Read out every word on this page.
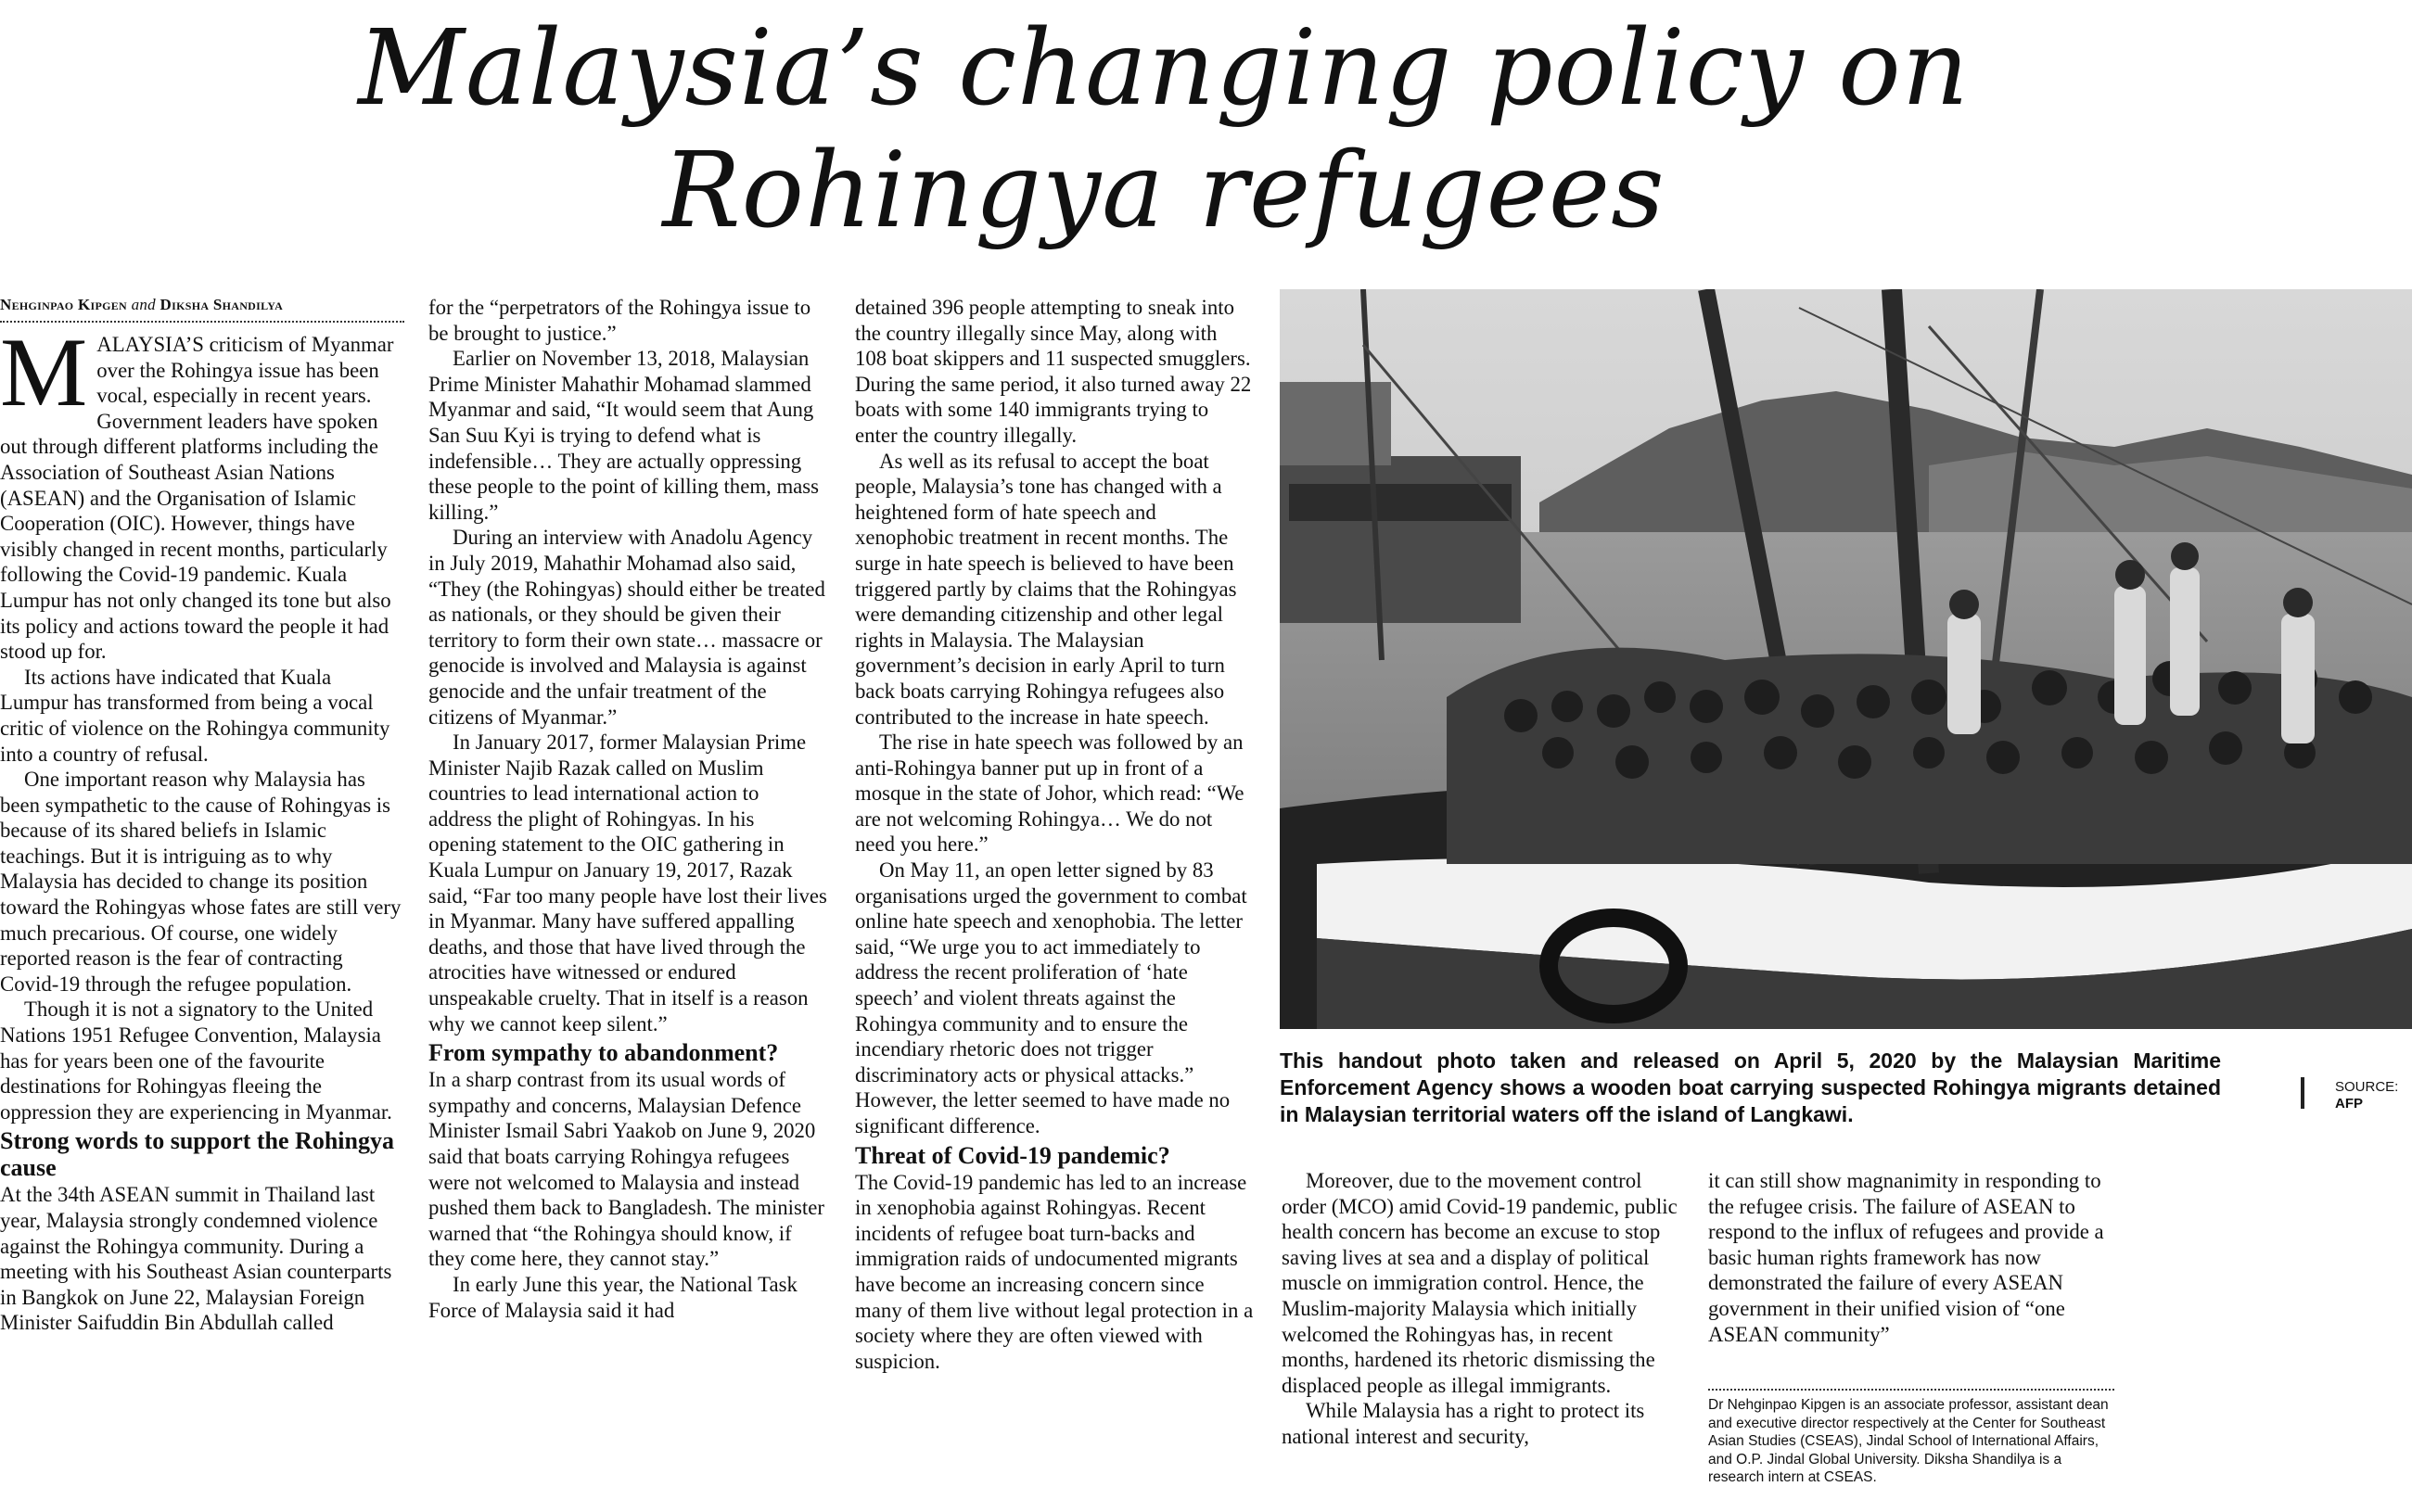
Malaysia’s changing policy on
Rohingya refugees
Nehginpao Kipgen and Diksha Shandilya

M ALAYSIA’S criticism of Myanmar over the Rohingya issue has been vocal, especially in recent years. Government leaders have spoken out through different platforms including the Association of Southeast Asian Nations (ASEAN) and the Organisation of Islamic Cooperation (OIC). However, things have visibly changed in recent months, particularly following the Covid-19 pandemic. Kuala Lumpur has not only changed its tone but also its policy and actions toward the people it had stood up for.

Its actions have indicated that Kuala Lumpur has transformed from being a vocal critic of violence on the Rohingya community into a country of refusal.

One important reason why Malaysia has been sympathetic to the cause of Rohingyas is because of its shared beliefs in Islamic teachings. But it is intriguing as to why Malaysia has decided to change its position toward the Rohingyas whose fates are still very much precarious. Of course, one widely reported reason is the fear of contracting Covid-19 through the refugee population.

Though it is not a signatory to the United Nations 1951 Refugee Convention, Malaysia has for years been one of the favourite destinations for Rohingyas fleeing the oppression they are experiencing in Myanmar.

Strong words to support the Rohingya cause

At the 34th ASEAN summit in Thailand last year, Malaysia strongly condemned violence against the Rohingya community. During a meeting with his Southeast Asian counterparts in Bangkok on June 22, Malaysian Foreign Minister Saifuddin Bin Abdullah called

for the “perpetrators of the Rohingya issue to be brought to justice.”

Earlier on November 13, 2018, Malaysian Prime Minister Mahathir Mohamad slammed Myanmar and said, “It would seem that Aung San Suu Kyi is trying to defend what is indefensible… They are actually oppressing these people to the point of killing them, mass killing.”

During an interview with Anadolu Agency in July 2019, Mahathir Mohamad also said, “They (the Rohingyas) should either be treated as nationals, or they should be given their territory to form their own state… massacre or genocide is involved and Malaysia is against genocide and the unfair treatment of the citizens of Myanmar.”

In January 2017, former Malaysian Prime Minister Najib Razak called on Muslim countries to lead international action to address the plight of Rohingyas. In his opening statement to the OIC gathering in Kuala Lumpur on January 19, 2017, Razak said, “Far too many people have lost their lives in Myanmar. Many have suffered appalling deaths, and those that have lived through the atrocities have witnessed or endured unspeakable cruelty. That in itself is a reason why we cannot keep silent.”

From sympathy to abandonment?

In a sharp contrast from its usual words of sympathy and concerns, Malaysian Defence Minister Ismail Sabri Yaakob on June 9, 2020 said that boats carrying Rohingya refugees were not welcomed to Malaysia and instead pushed them back to Bangladesh. The minister warned that “the Rohingya should know, if they come here, they cannot stay.”

In early June this year, the National Task Force of Malaysia said it had

detained 396 people attempting to sneak into the country illegally since May, along with 108 boat skippers and 11 suspected smugglers. During the same period, it also turned away 22 boats with some 140 immigrants trying to enter the country illegally.

As well as its refusal to accept the boat people, Malaysia’s tone has changed with a heightened form of hate speech and xenophobic treatment in recent months. The surge in hate speech is believed to have been triggered partly by claims that the Rohingyas were demanding citizenship and other legal rights in Malaysia. The Malaysian government’s decision in early April to turn back boats carrying Rohingya refugees also contributed to the increase in hate speech.

The rise in hate speech was followed by an anti-Rohingya banner put up in front of a mosque in the state of Johor, which read: “We are not welcoming Rohingya… We do not need you here.”

On May 11, an open letter signed by 83 organisations urged the government to combat online hate speech and xenophobia. The letter said, “We urge you to act immediately to address the recent proliferation of ‘hate speech’ and violent threats against the Rohingya community and to ensure the incendiary rhetoric does not trigger discriminatory acts or physical attacks.” However, the letter seemed to have made no significant difference.

Threat of Covid-19 pandemic?

The Covid-19 pandemic has led to an increase in xenophobia against Rohingyas. Recent incidents of refugee boat turn-backs and immigration raids of undocumented migrants have become an increasing concern since many of them live without legal protection in a society where they are often viewed with suspicion.

This handout photo taken and released on April 5, 2020 by the Malaysian Maritime Enforcement Agency shows a wooden boat carrying suspected Rohingya migrants detained in Malaysian territorial waters off the island of Langkawi.
SOURCE:
AFP

Moreover, due to the movement control order (MCO) amid Covid-19 pandemic, public health concern has become an excuse to stop saving lives at sea and a display of political muscle on immigration control. Hence, the Muslim-majority Malaysia which initially welcomed the Rohingyas has, in recent months, hardened its rhetoric dismissing the displaced people as illegal immigrants.

While Malaysia has a right to protect its national interest and security,

it can still show magnanimity in responding to the refugee crisis. The failure of ASEAN to respond to the influx of refugees and provide a basic human rights framework has now demonstrated the failure of every ASEAN government in their unified vision of “one ASEAN community”

Dr Nehginpao Kipgen is an associate professor, assistant dean and executive director respectively at the Center for Southeast Asian Studies (CSEAS), Jindal School of International Affairs, and O.P. Jindal Global University. Diksha Shandilya is a research intern at CSEAS.
